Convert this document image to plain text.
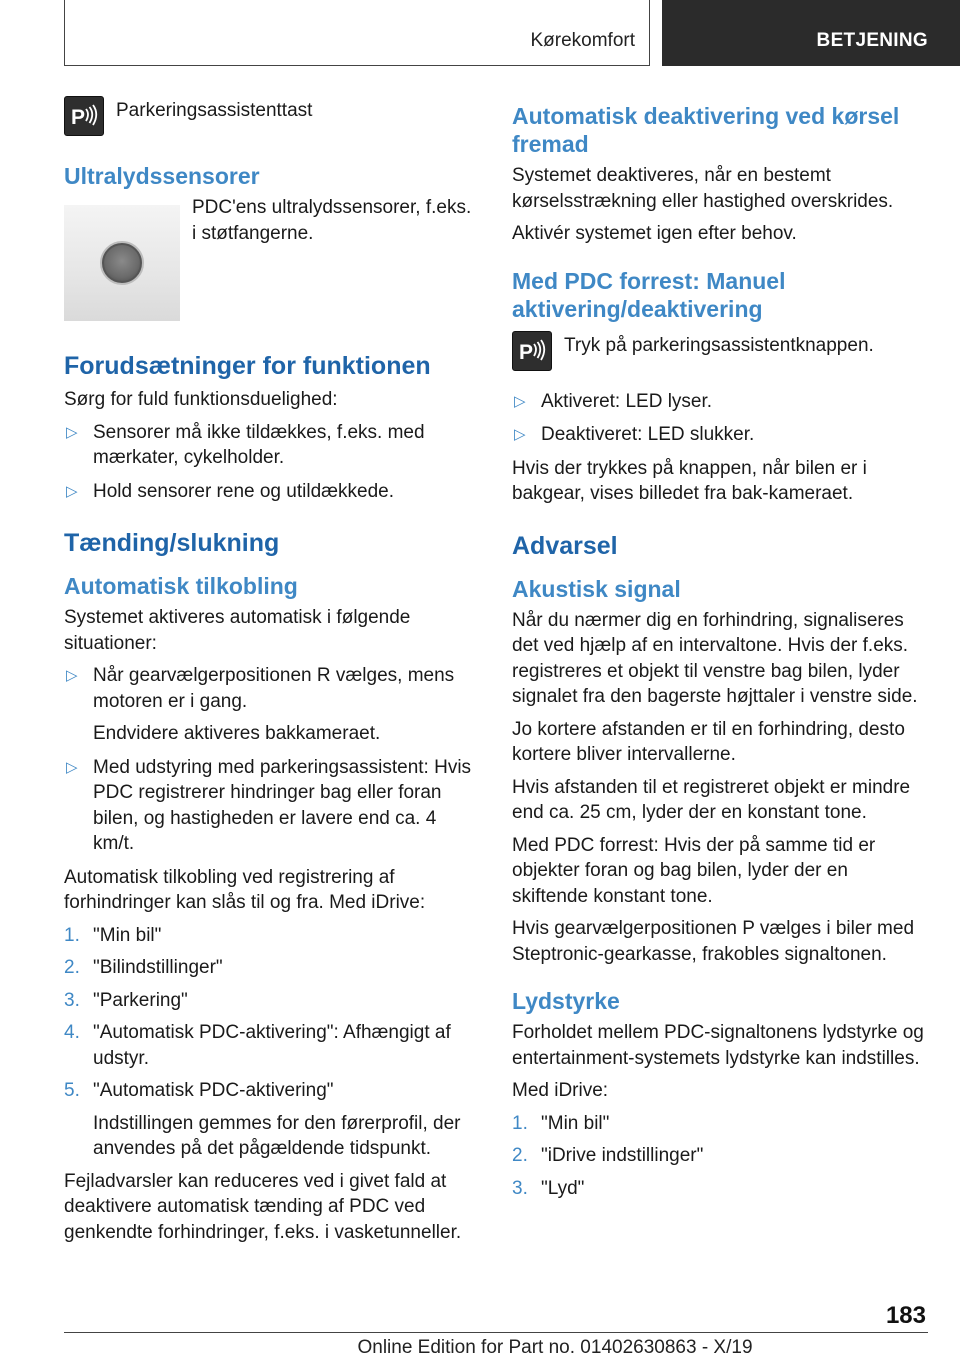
Kørekomfort	BETJENING
P Parkeringsassistenttast
Ultralydssensorer
PDC'ens ultralydssensorer, f.eks. i støtfangerne.
Forudsætninger for funktionen

Sørg for fuld funktionsduelighed:

▷ Sensorer må ikke tildækkes, f.eks. med mærkater, cykelholder.
▷ Hold sensorer rene og utildækkede.
Tænding/slukning
Automatisk tilkobling

Systemet aktiveres automatisk i følgende situationer:

▷ Når gearvælgerpositionen R vælges, mens motoren er i gang.
Endvidere aktiveres bakkameraet.
▷ Med udstyring med parkeringsassistent: Hvis PDC registrerer hindringer bag eller foran bilen, og hastigheden er lavere end ca. 4 km/t.

Automatisk tilkobling ved registrering af forhindringer kan slås til og fra. Med iDrive:

1. "Min bil"
2. "Bilindstillinger"
3. "Parkering"
4. "Automatisk PDC-aktivering": Afhængigt af udstyr.
5. "Automatisk PDC-aktivering"
Indstillingen gemmes for den førerprofil, der anvendes på det pågældende tidspunkt.

Fejladvarsler kan reduceres ved i givet fald at deaktivere automatisk tænding af PDC ved genkendte forhindringer, f.eks. i vasketunneller.

Automatisk deaktivering ved kørsel fremad

Systemet deaktiveres, når en bestemt kørselsstrækning eller hastighed overskrides.

Aktivér systemet igen efter behov.

Med PDC forrest: Manuel aktivering/deaktivering
P Tryk på parkeringsassistentknappen.
▷ Aktiveret: LED lyser.
▷ Deaktiveret: LED slukker.

Hvis der trykkes på knappen, når bilen er i bakgear, vises billedet fra bak-kameraet.

Advarsel
Akustisk signal

Når du nærmer dig en forhindring, signaliseres det ved hjælp af en intervaltone. Hvis der f.eks. registreres et objekt til venstre bag bilen, lyder signalet fra den bagerste højttaler i venstre side.

Jo kortere afstanden er til en forhindring, desto kortere bliver intervallerne.

Hvis afstanden til et registreret objekt er mindre end ca. 25 cm, lyder der en konstant tone.

Med PDC forrest: Hvis der på samme tid er objekter foran og bag bilen, lyder der en skiftende konstant tone.

Hvis gearvælgerpositionen P vælges i biler med Steptronic-gearkasse, frakobles signaltonen.

Lydstyrke

Forholdet mellem PDC-signaltonens lydstyrke og entertainment-systemets lydstyrke kan indstilles.

Med iDrive:

1. "Min bil"
2. "iDrive indstillinger"
3. "Lyd"
183
Online Edition for Part no. 01402630863 - X/19
